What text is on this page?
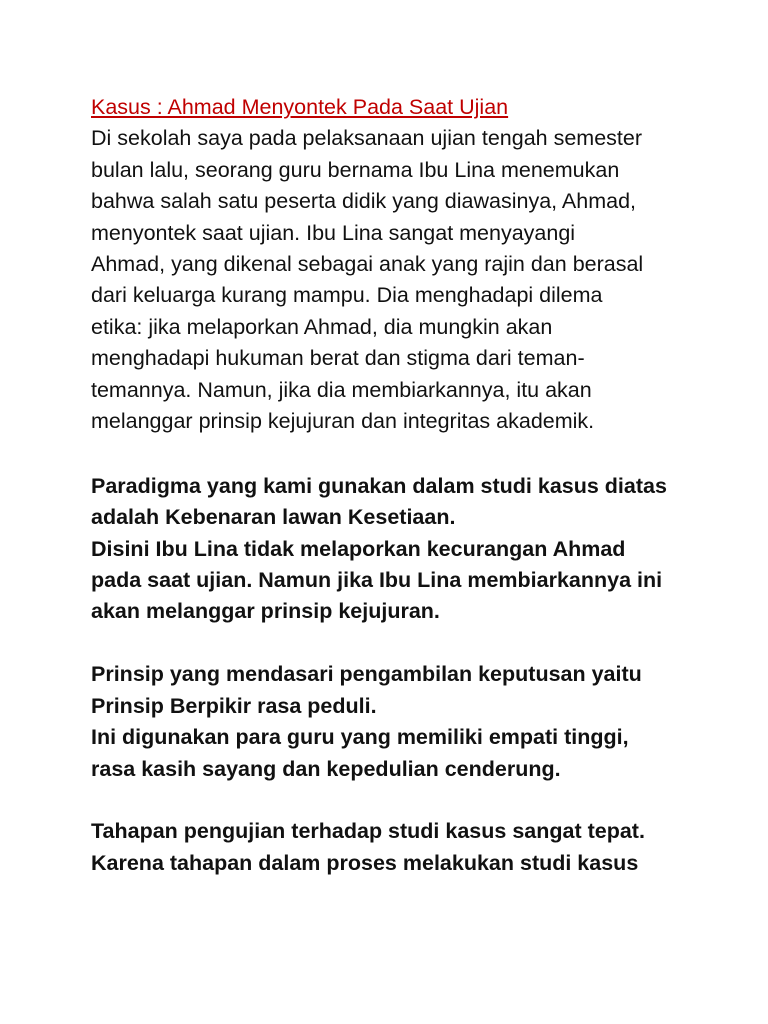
Kasus : Ahmad Menyontek Pada Saat Ujian

Di sekolah saya pada pelaksanaan ujian tengah semester
bulan lalu, seorang guru bernama Ibu Lina menemukan
bahwa salah satu peserta didik yang diawasinya, Ahmad,
menyontek saat ujian. Ibu Lina sangat menyayangi
Ahmad, yang dikenal sebagai anak yang rajin dan berasal
dari keluarga kurang mampu. Dia menghadapi dilema
etika: jika melaporkan Ahmad, dia mungkin akan
menghadapi hukuman berat dan stigma dari teman-
temannya. Namun, jika dia membiarkannya, itu akan
melanggar prinsip kejujuran dan integritas akademik.

Paradigma yang kami gunakan dalam studi kasus diatas
adalah Kebenaran lawan Kesetiaan.
Disini Ibu Lina tidak melaporkan kecurangan Ahmad
pada saat ujian. Namun jika Ibu Lina membiarkannya ini
akan melanggar prinsip kejujuran.

Prinsip yang mendasari pengambilan keputusan yaitu
Prinsip Berpikir rasa peduli.
Ini digunakan para guru yang memiliki empati tinggi,
rasa kasih sayang dan kepedulian cenderung.

Tahapan pengujian terhadap studi kasus sangat tepat.
Karena tahapan dalam proses melakukan studi kasus
